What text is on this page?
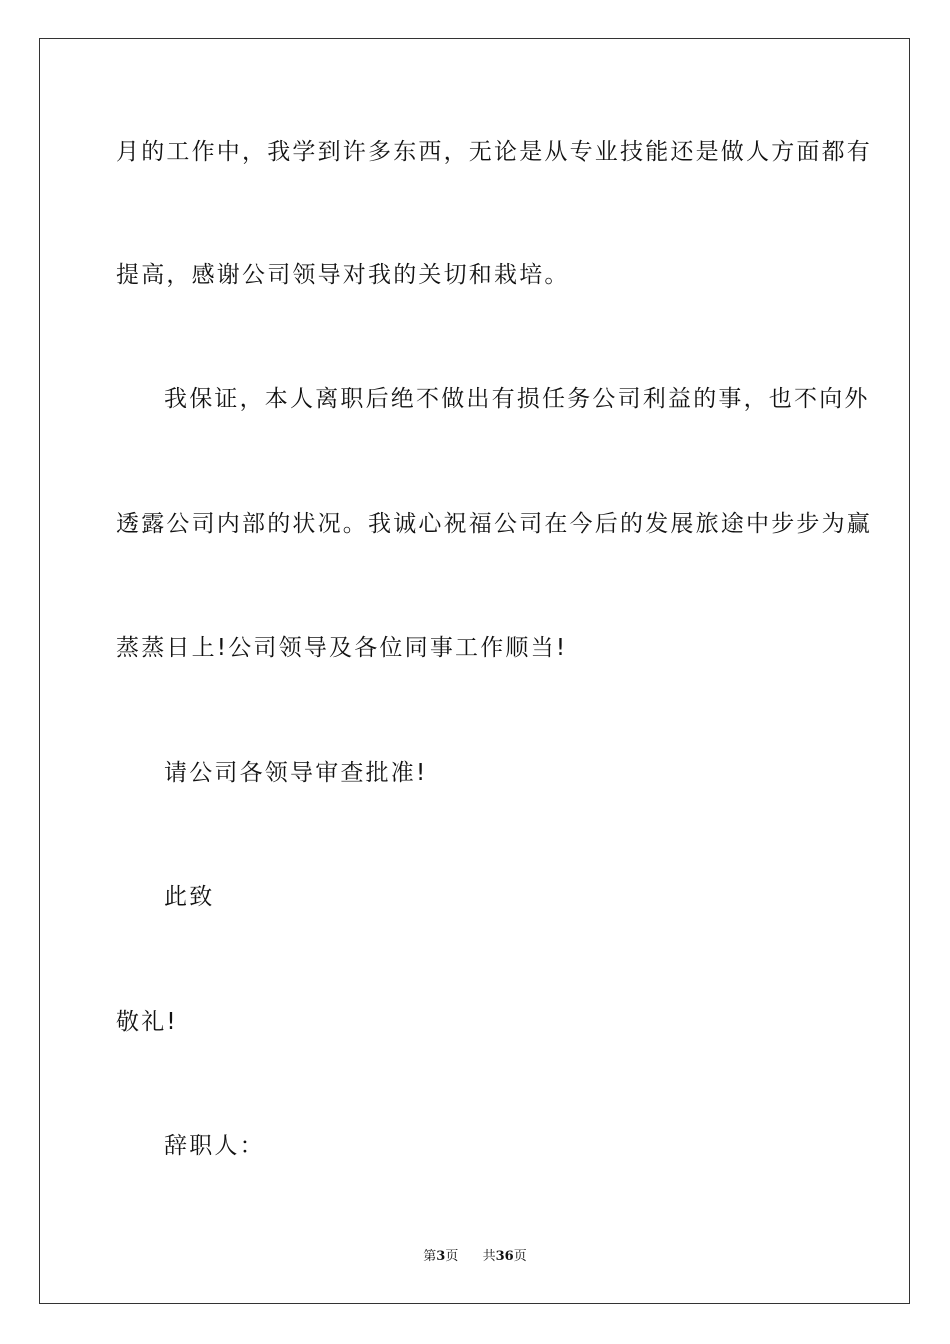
月的工作中，我学到许多东西，无论是从专业技能还是做人方面都有
提高，感谢公司领导对我的关切和栽培。
我保证，本人离职后绝不做出有损任务公司利益的事，也不向外
透露公司内部的状况。我诚心祝福公司在今后的发展旅途中步步为赢
蒸蒸日上!公司领导及各位同事工作顺当!
请公司各领导审查批准!
此致
敬礼!
辞职人：
第3页 共36页
